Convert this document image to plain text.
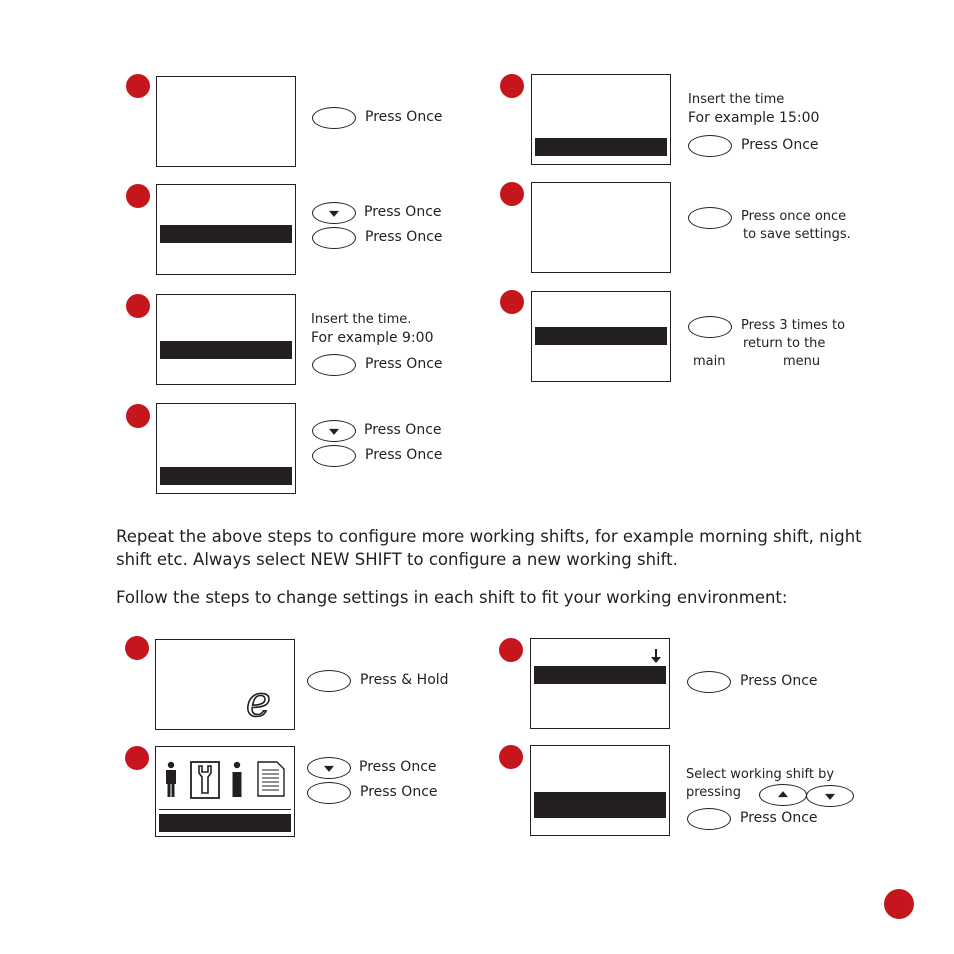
Press Once
Press Once
Press Once
Insert the time.
For example 9:00
Press Once
Press Once
Press Once
Insert the time
For example 15:00
Press Once
Press once once
to save settings.
Press 3 times to
return to the
main	menu
Repeat the above steps to configure more working shifts, for example morning shift, night shift etc. Always select NEW SHIFT to configure a new working shift.
Follow the steps to change settings in each shift to fit your working environment:
e	Press & Hold
Press Once
Press Once
Press Once
Select working shift by
pressing
Press Once
